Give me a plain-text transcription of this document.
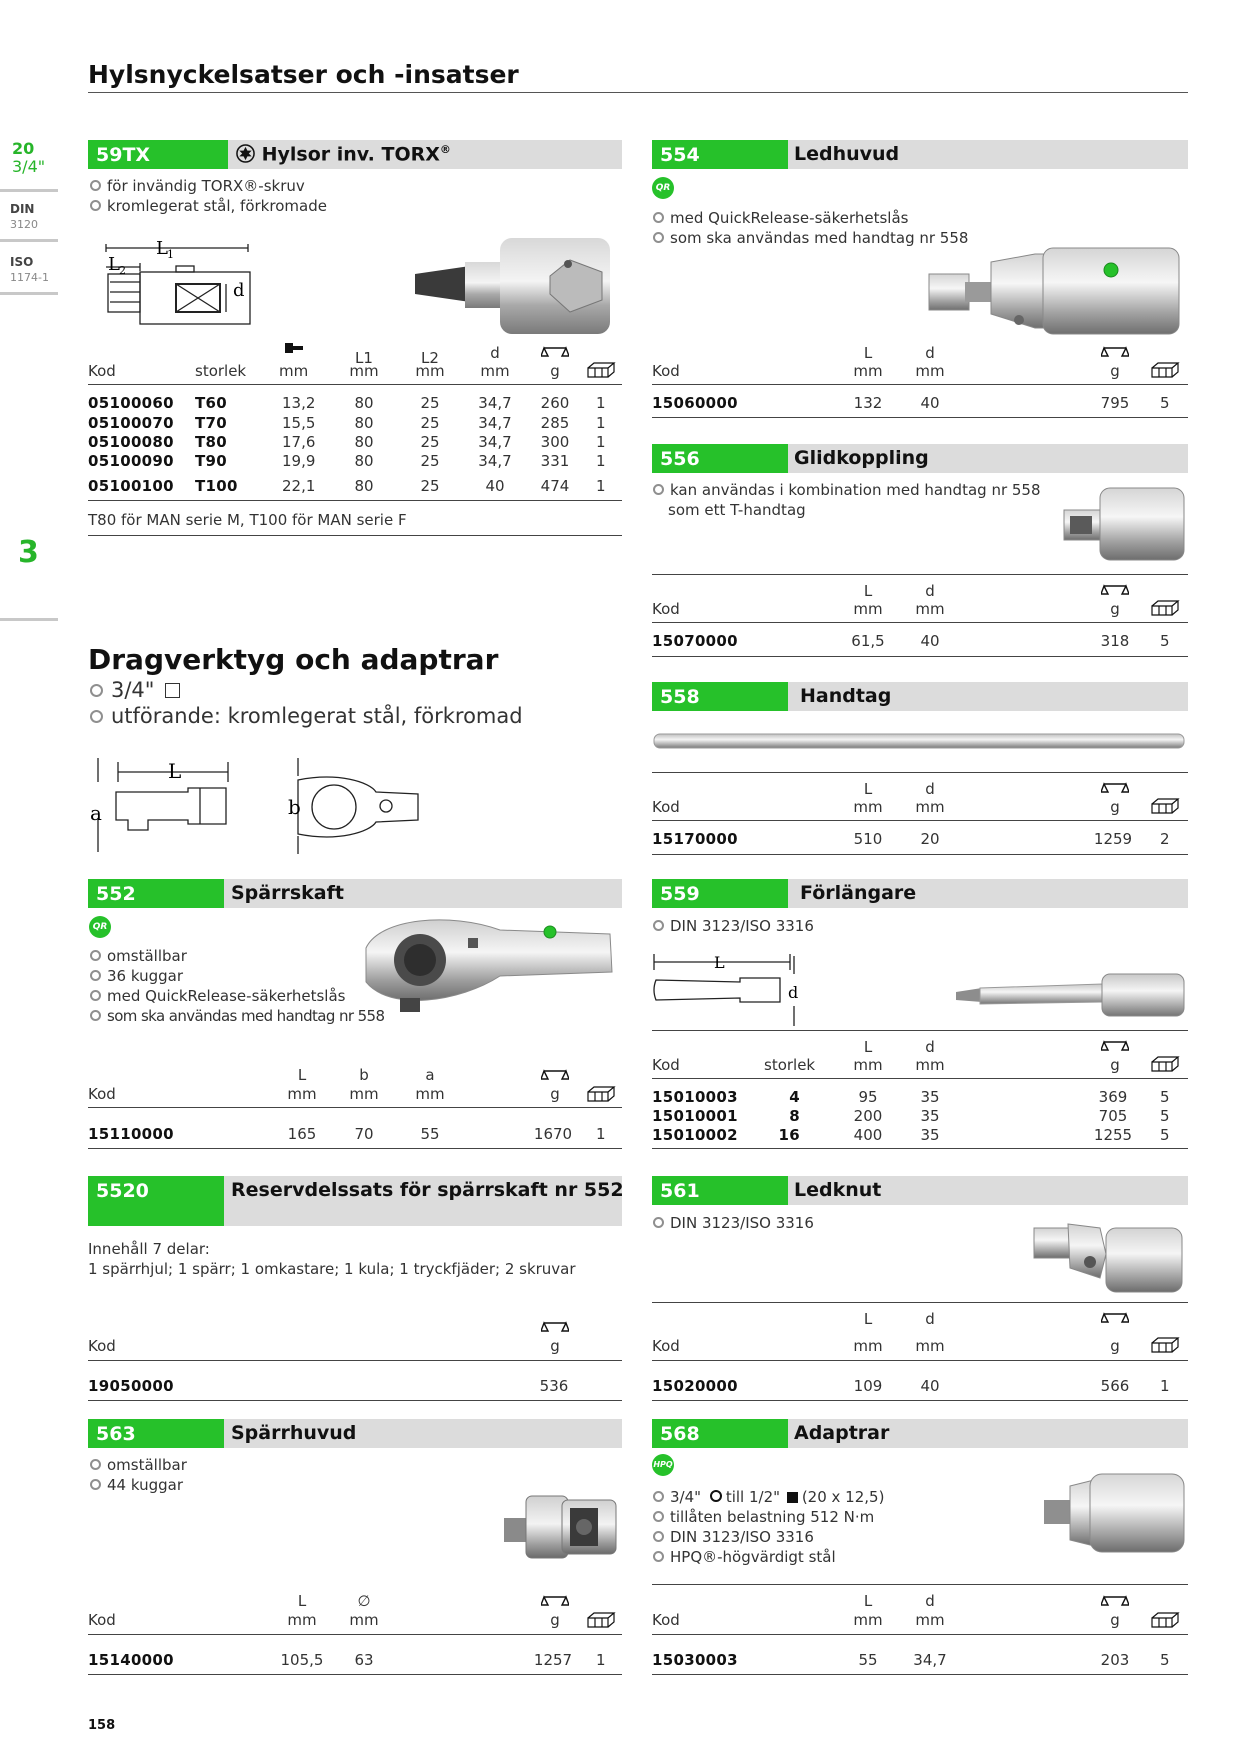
Hylsnyckelsatser och -insatser
20
3/4"
DIN
3120
ISO
1174-1
3
59TX	Hylsor inv. TORX®
för invändig TORX®-skruv
kromlegerat stål, förkromade
L 1
L 2
d
L1	L2	d
Kod	storlek mm	mm	mm	mm	g
05100060 T60	13,2	80	25	34,7 260 1
05100070 T70	15,5	80	25	34,7 285 1
05100080 T80	17,6	80	25	34,7 300 1
05100090 T90	19,9	80	25	34,7 331 1
05100100 T100	22,1	80	25	40	474 1
T80 för MAN serie M, T100 för MAN serie F
Dragverktyg och adaptrar
3/4"
utförande: kromlegerat stål, förkromad
L
a	b
552	Spärrskaft
QR
omställbar
36 kuggar
med QuickRelease-säkerhetslås
som ska användas med handtag nr 558
L	b	a
Kod	mm	mm	mm	g
15110000	165	70	55	1670 1
5520	Reservdelssats för spärrskaft nr 552
Innehåll 7 delar:
1 spärrhjul; 1 spärr; 1 omkastare; 1 kula; 1 tryckfjäder; 2 skruvar
Kod	g
19050000	536
563	Spärrhuvud
omställbar
44 kuggar
L	∅
Kod	mm	mm	g
15140000	105,5	63	1257 1
554	Ledhuvud
QR
med QuickRelease-säkerhetslås
som ska användas med handtag nr 558
L	d
Kod	mm	mm	g
15060000	132	40	795	5
556	Glidkoppling
kan användas i kombination med handtag nr 558
som ett T-handtag
L	d
Kod	mm	mm	g
15070000	61,5	40	318	5
558	Handtag
L	d
Kod	mm	mm	g
15170000	510	20	1259	2
559	Förlängare
DIN 3123/ISO 3316
L
d
L	d
Kod	storlek	mm	mm	g
15010003	4	95	35	369	5
15010001	8	200	35	705	5
15010002	16	400	35	1255	5
561	Ledknut
DIN 3123/ISO 3316
L	d
Kod	mm	mm	g
15020000	109	40	566	1
568	Adaptrar
HPQ
3/4" till 1/2" (20 x 12,5)
tillåten belastning 512 N·m
DIN 3123/ISO 3316
HPQ®-högvärdigt stål
L	d
Kod	mm	mm	g
15030003	55	34,7	203	5
158
